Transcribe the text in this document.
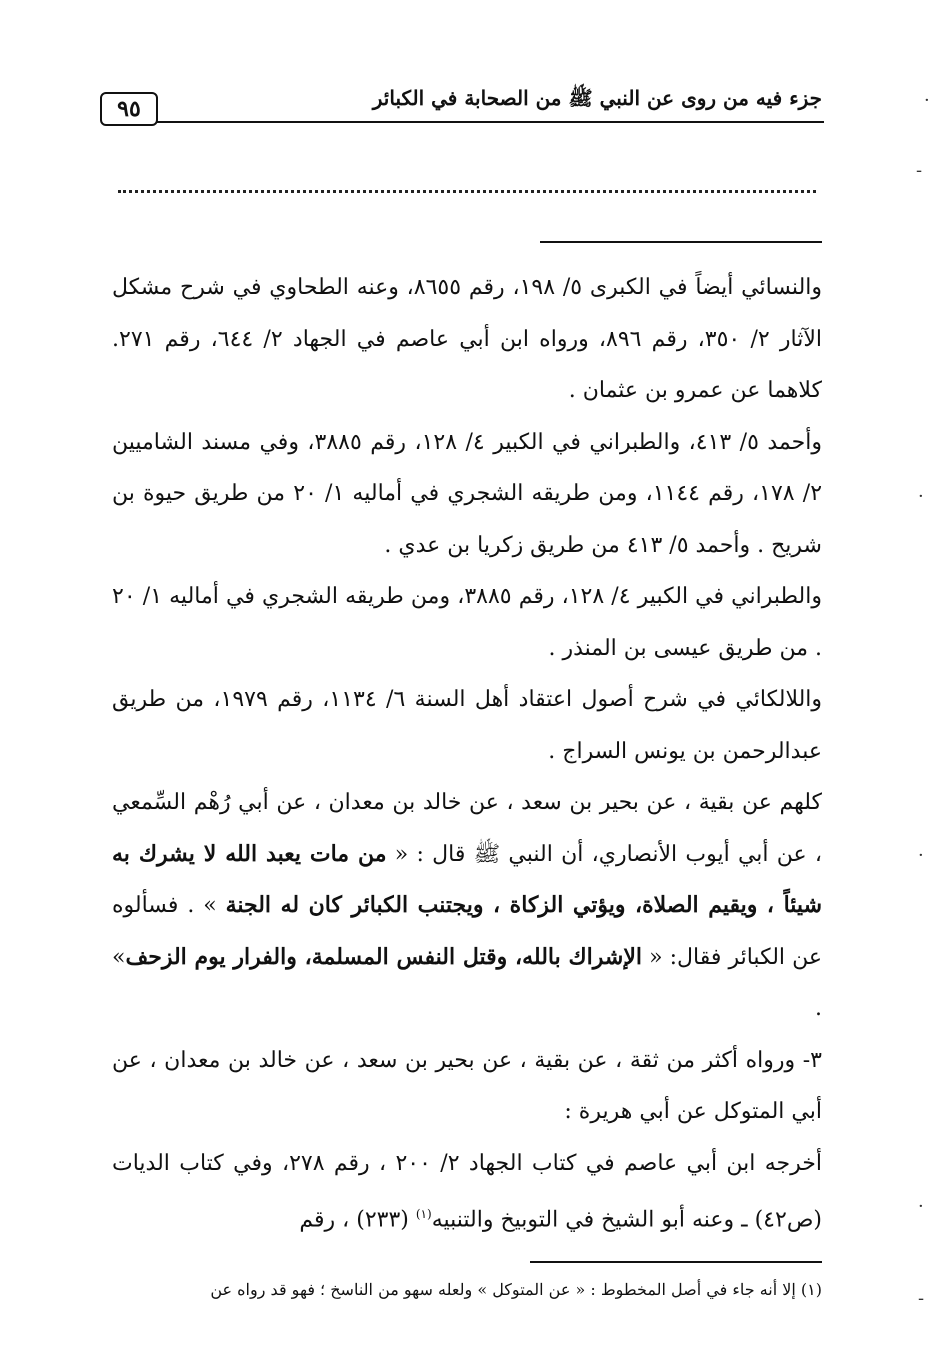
جزء فيه من روى عن النبي ﷺ من الصحابة في الكبائر
٩٥

والنسائي أيضاً في الكبرى ٥/ ١٩٨، رقم ٨٦٥٥، وعنه الطحاوي في شرح مشكل الآثار ٢/ ٣٥٠، رقم ٨٩٦، ورواه ابن أبي عاصم في الجهاد ٢/ ٦٤٤، رقم ٢٧١. كلاهما عن عمرو بن عثمان .

وأحمد ٥/ ٤١٣، والطبراني في الكبير ٤/ ١٢٨، رقم ٣٨٨٥، وفي مسند الشاميين ٢/ ١٧٨، رقم ١١٤٤، ومن طريقه الشجري في أماليه ١/ ٢٠ من طريق حيوة بن شريح . وأحمد ٥/ ٤١٣ من طريق زكريا بن عدي .

والطبراني في الكبير ٤/ ١٢٨، رقم ٣٨٨٥، ومن طريقه الشجري في أماليه ١/ ٢٠ . من طريق عيسى بن المنذر .

واللالكائي في شرح أصول اعتقاد أهل السنة ٦/ ١١٣٤، رقم ١٩٧٩، من طريق عبدالرحمن بن يونس السراج .

كلهم عن بقية ، عن بحير بن سعد ، عن خالد بن معدان ، عن أبي رُهْم السِّمعي ، عن أبي أيوب الأنصاري، أن النبي ﷺ قال : « من مات يعبد الله لا يشرك به شيئاً ، ويقيم الصلاة، ويؤتي الزكاة ، ويجتنب الكبائر كان له الجنة » . فسألوه عن الكبائر فقال: « الإشراك بالله، وقتل النفس المسلمة، والفرار يوم الزحف» .

٣- ورواه أكثر من ثقة ، عن بقية ، عن بحير بن سعد ، عن خالد بن معدان ، عن أبي المتوكل عن أبي هريرة :

أخرجه ابن أبي عاصم في كتاب الجهاد ٢/ ٢٠٠ ، رقم ٢٧٨، وفي كتاب الديات (ص٤٢) ـ وعنه أبو الشيخ في التوبيخ والتنبيه$^{(١)}$ (٢٣٣) ، رقم

(١) إلا أنه جاء في أصل المخطوط : « عن المتوكل » ولعله سهو من الناسخ ؛ فهو قد رواه عن
·
-
·
·
·
-
